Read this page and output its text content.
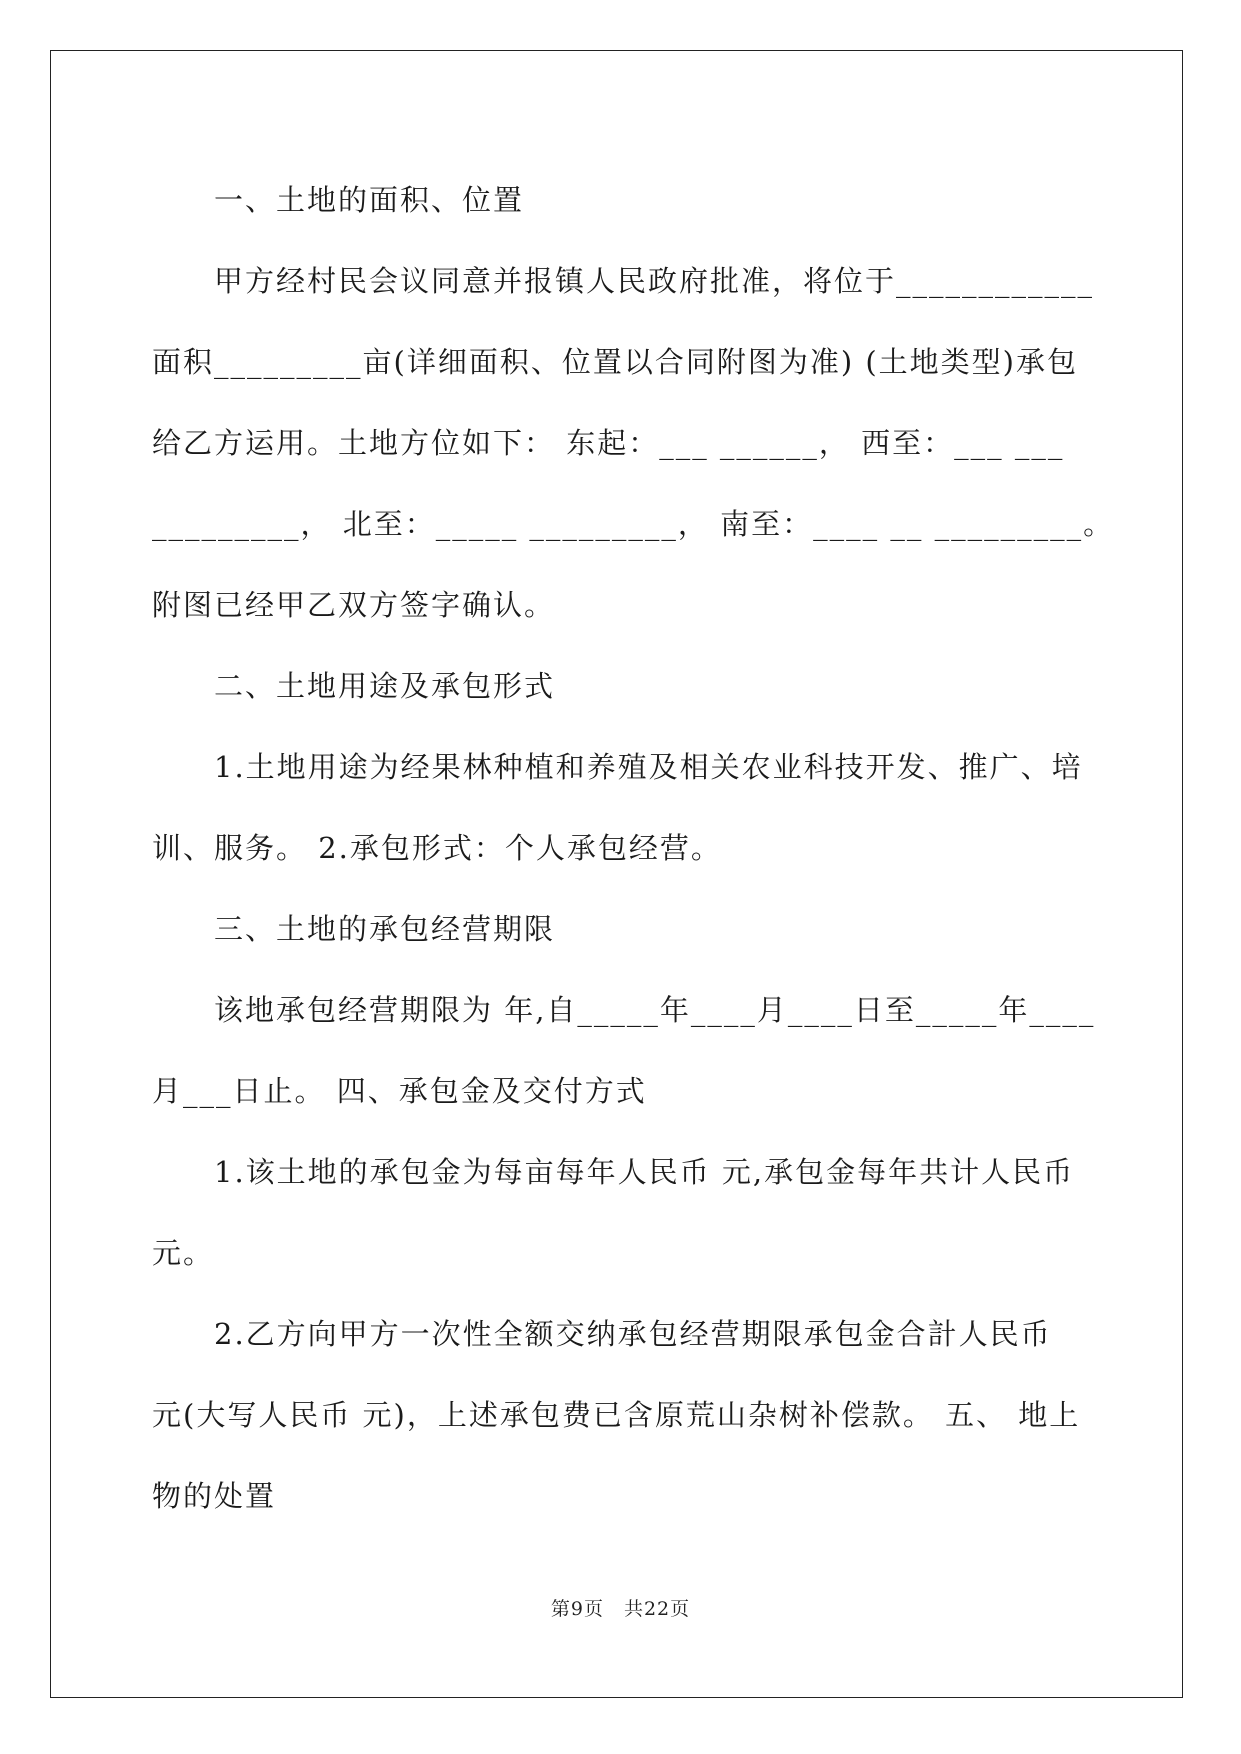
一、土地的面积、位置
甲方经村民会议同意并报镇人民政府批准，将位于____________
面积_________亩(详细面积、位置以合同附图为准) (土地类型)承包
给乙方运用。土地方位如下： 东起：___ ______， 西至：___ ___
_________， 北至：_____ _________， 南至：____ __ _________。
附图已经甲乙双方签字确认。
二、土地用途及承包形式
1.土地用途为经果林种植和养殖及相关农业科技开发、推广、培
训、服务。 2.承包形式：个人承包经营。
三、土地的承包经营期限
该地承包经营期限为 年,自_____年____月____日至_____年____
月___日止。 四、承包金及交付方式
1.该土地的承包金为每亩每年人民币 元,承包金每年共计人民币
元。
2.乙方向甲方一次性全额交纳承包经营期限承包金合計人民币
元(大写人民币 元)，上述承包费已含原荒山杂树补偿款。 五、 地上
物的处置
第9页 共22页
